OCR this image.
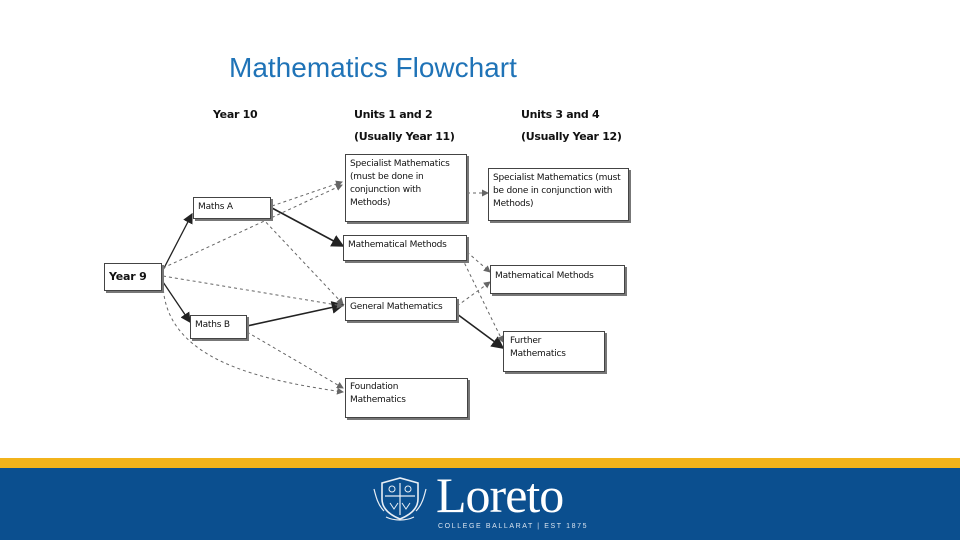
Mathematics Flowchart
Year 10	Units 1 and 2
(Usually Year 11)
Units 3 and 4
(Usually Year 12)
Year 9
Maths A
Maths B
Specialist Mathematics (must be done in conjunction with Methods)
Mathematical Methods
General Mathematics
Foundation Mathematics
Specialist Mathematics (must be done in conjunction with Methods)
Mathematical Methods
Further Mathematics
Loreto
COLLEGE BALLARAT | EST 1875
